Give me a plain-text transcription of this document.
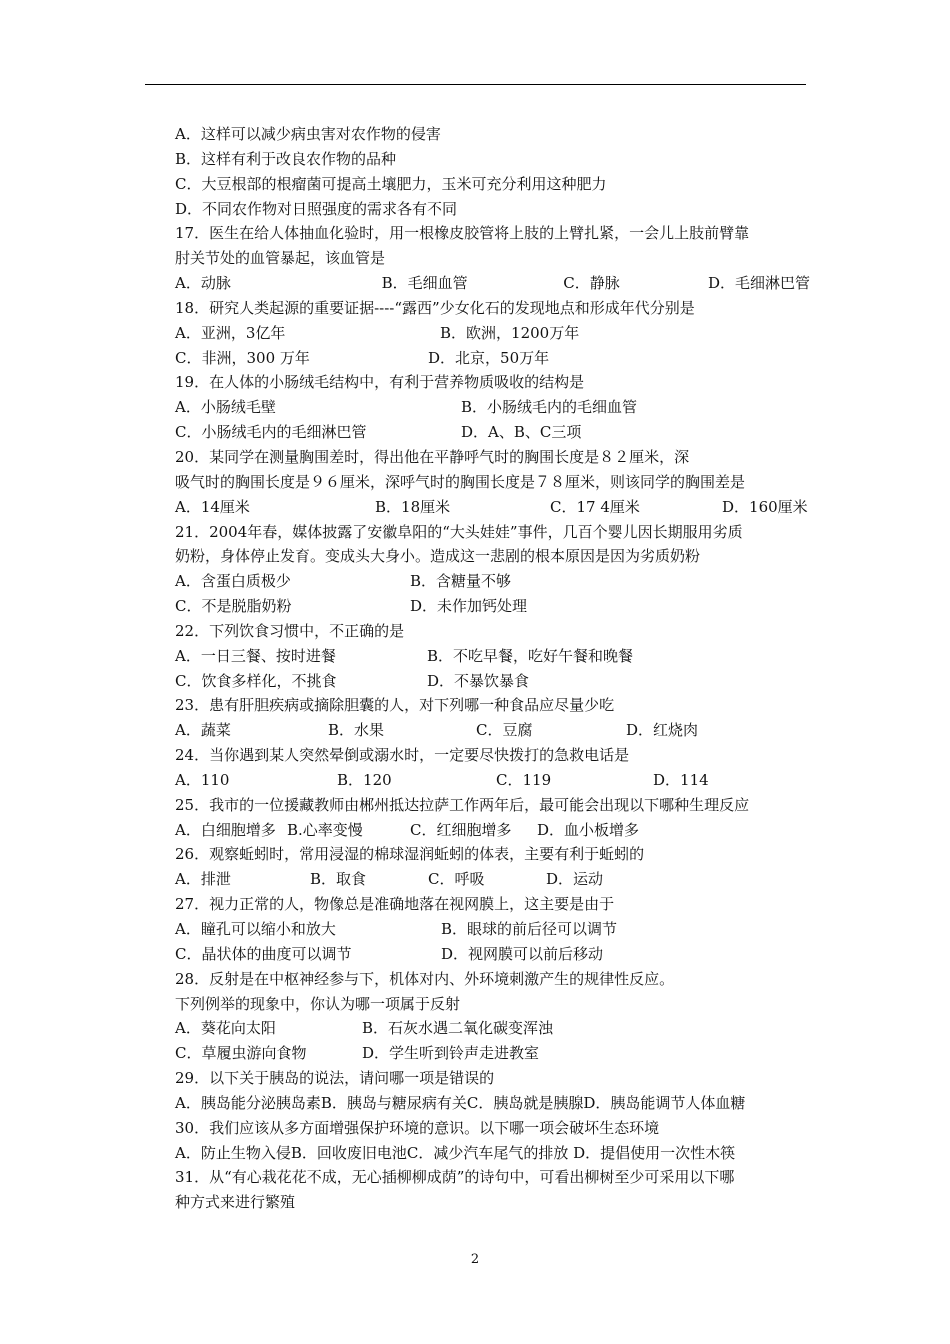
A．这样可以减少病虫害对农作物的侵害
B．这样有利于改良农作物的品种
C．大豆根部的根瘤菌可提高土壤肥力，玉米可充分利用这种肥力
D．不同农作物对日照强度的需求各有不同
17．医生在给人体抽血化验时，用一根橡皮胶管将上肢的上臂扎紧，一会儿上肢前臂靠
肘关节处的血管暴起，该血管是
A．动脉	B．毛细血管	C．静脉	D．毛细淋巴管
18．研究人类起源的重要证据----“露西”少女化石的发现地点和形成年代分别是
A．亚洲，3亿年	B．欧洲，1200万年
C．非洲，300 万年	D．北京，50万年
19．在人体的小肠绒毛结构中，有利于营养物质吸收的结构是
A．小肠绒毛壁	B．小肠绒毛内的毛细血管
C．小肠绒毛内的毛细淋巴管	D．A、B、C三项
20．某同学在测量胸围差时，得出他在平静呼气时的胸围长度是８２厘米，深
吸气时的胸围长度是９６厘米，深呼气时的胸围长度是７８厘米，则该同学的胸围差是
A．14厘米	B．18厘米	C．17 4厘米	D．160厘米
21．2004年春，媒体披露了安徽阜阳的“大头娃娃”事件，几百个婴儿因长期服用劣质
奶粉，身体停止发育。变成头大身小。造成这一悲剧的根本原因是因为劣质奶粉
A．含蛋白质极少	B．含糖量不够
C．不是脱脂奶粉	D．未作加钙处理
22．下列饮食习惯中，不正确的是
A．一日三餐、按时进餐	B．不吃早餐，吃好午餐和晚餐
C．饮食多样化，不挑食	D．不暴饮暴食
23．患有肝胆疾病或摘除胆囊的人，对下列哪一种食品应尽量少吃
A．蔬菜	B．水果	C．豆腐	D．红烧肉
24．当你遇到某人突然晕倒或溺水时，一定要尽快拨打的急救电话是
A．110	B．120	C．119	D．114
25．我市的一位援藏教师由郴州抵达拉萨工作两年后，最可能会出现以下哪种生理反应
A．白细胞增多 B.心率变慢	C．红细胞增多	D．血小板增多
26．观察蚯蚓时，常用浸湿的棉球湿润蚯蚓的体表，主要有利于蚯蚓的
A．排泄	B．取食	C．呼吸	D．运动
27．视力正常的人，物像总是准确地落在视网膜上，这主要是由于
A．瞳孔可以缩小和放大	B．眼球的前后径可以调节
C．晶状体的曲度可以调节	D．视网膜可以前后移动
28．反射是在中枢神经参与下，机体对内、外环境刺激产生的规律性反应。
下列例举的现象中，你认为哪一项属于反射
A．葵花向太阳	B．石灰水遇二氧化碳变浑浊
C．草履虫游向食物	D．学生听到铃声走进教室
29．以下关于胰岛的说法，请问哪一项是错误的
A．胰岛能分泌胰岛素B．胰岛与糖尿病有关C．胰岛就是胰腺D．胰岛能调节人体血糖
30．我们应该从多方面增强保护环境的意识。以下哪一项会破坏生态环境
A．防止生物入侵B．回收废旧电池C．减少汽车尾气的排放 D．提倡使用一次性木筷
31．从“有心栽花花不成，无心插柳柳成荫”的诗句中，可看出柳树至少可采用以下哪
种方式来进行繁殖
2
